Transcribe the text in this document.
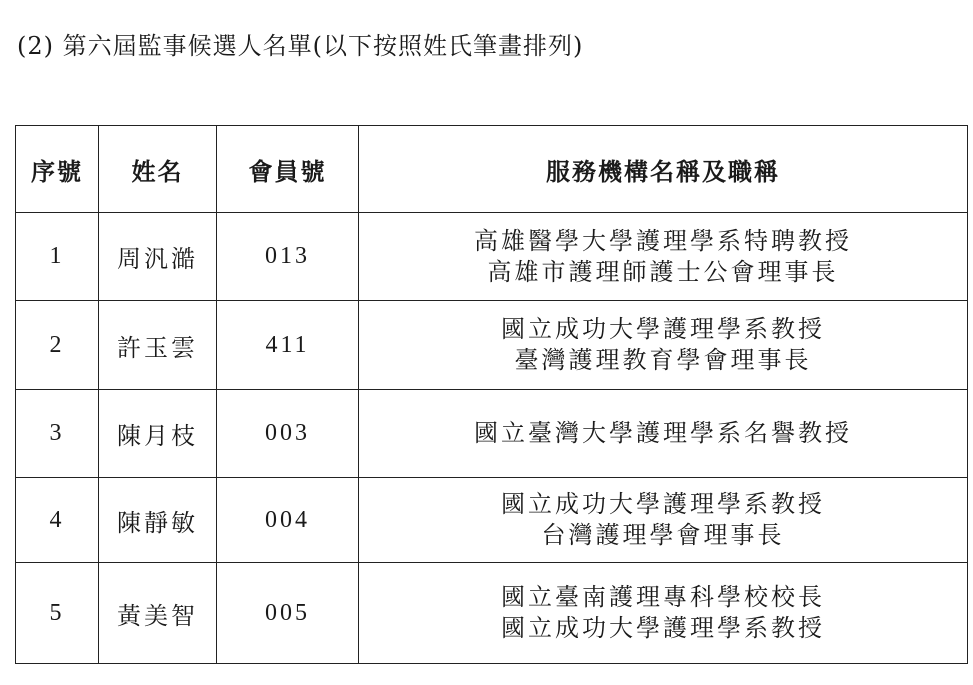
(2) 第六屆監事候選人名單(以下按照姓氏筆畫排列)
序號	姓名	會員號	服務機構名稱及職稱
1	周汎澔	013	高雄醫學大學護理學系特聘教授
高雄市護理師護士公會理事長

2	許玉雲	411	國立成功大學護理學系教授
臺灣護理教育學會理事長

3	陳月枝	003	國立臺灣大學護理學系名譽教授

4	陳靜敏	004	國立成功大學護理學系教授
台灣護理學會理事長

5	黃美智	005	國立臺南護理專科學校校長
國立成功大學護理學系教授
